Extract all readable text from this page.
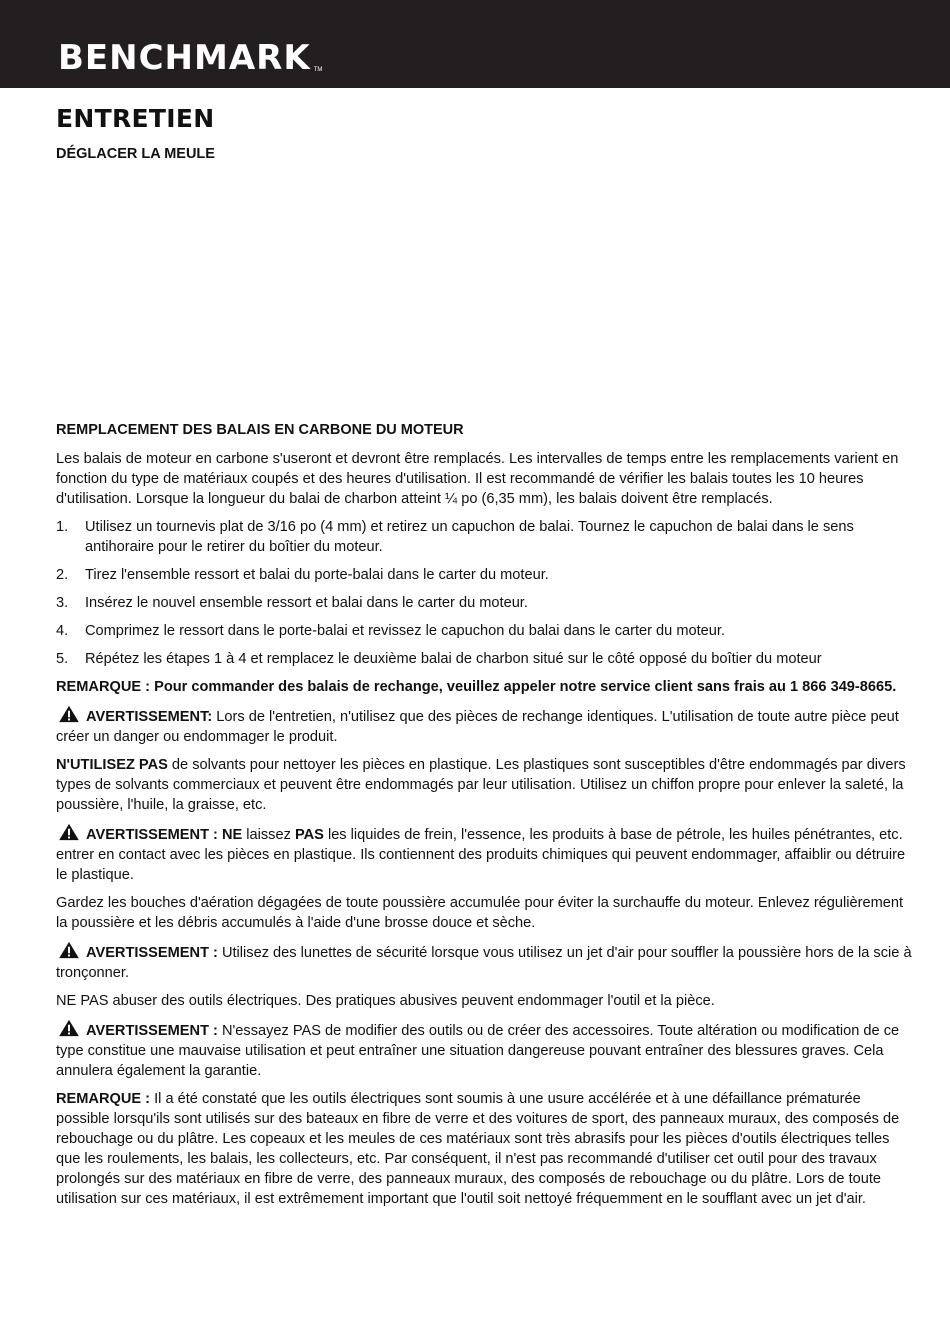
BENCHMARK TM
ENTRETIEN
DÉGLACER LA MEULE
REMPLACEMENT DES BALAIS EN CARBONE DU MOTEUR

Les balais de moteur en carbone s'useront et devront être remplacés. Les intervalles de temps entre les remplacements varient en fonction du type de matériaux coupés et des heures d'utilisation. Il est recommandé de vérifier les balais toutes les 10 heures d'utilisation. Lorsque la longueur du balai de charbon atteint ¼ po (6,35 mm), les balais doivent être remplacés.

1. Utilisez un tournevis plat de 3/16 po (4 mm) et retirez un capuchon de balai. Tournez le capuchon de balai dans le sens antihoraire pour le retirer du boîtier du moteur.
2. Tirez l'ensemble ressort et balai du porte-balai dans le carter du moteur.
3. Insérez le nouvel ensemble ressort et balai dans le carter du moteur.
4. Comprimez le ressort dans le porte-balai et revissez le capuchon du balai dans le carter du moteur.
5. Répétez les étapes 1 à 4 et remplacez le deuxième balai de charbon situé sur le côté opposé du boîtier du moteur

REMARQUE : Pour commander des balais de rechange, veuillez appeler notre service client sans frais au 1 866 349-8665.

AVERTISSEMENT: Lors de l'entretien, n'utilisez que des pièces de rechange identiques. L'utilisation de toute autre pièce peut créer un danger ou endommager le produit.

N'UTILISEZ PAS de solvants pour nettoyer les pièces en plastique. Les plastiques sont susceptibles d'être endommagés par divers types de solvants commerciaux et peuvent être endommagés par leur utilisation. Utilisez un chiffon propre pour enlever la saleté, la poussière, l'huile, la graisse, etc.

AVERTISSEMENT : NE laissez PAS les liquides de frein, l'essence, les produits à base de pétrole, les huiles pénétrantes, etc. entrer en contact avec les pièces en plastique. Ils contiennent des produits chimiques qui peuvent endommager, affaiblir ou détruire le plastique.

Gardez les bouches d'aération dégagées de toute poussière accumulée pour éviter la surchauffe du moteur. Enlevez régulièrement la poussière et les débris accumulés à l'aide d'une brosse douce et sèche.

AVERTISSEMENT : Utilisez des lunettes de sécurité lorsque vous utilisez un jet d'air pour souffler la poussière hors de la scie à tronçonner.

NE PAS abuser des outils électriques. Des pratiques abusives peuvent endommager l'outil et la pièce.

AVERTISSEMENT : N'essayez PAS de modifier des outils ou de créer des accessoires. Toute altération ou modification de ce type constitue une mauvaise utilisation et peut entraîner une situation dangereuse pouvant entraîner des blessures graves. Cela annulera également la garantie.

REMARQUE : Il a été constaté que les outils électriques sont soumis à une usure accélérée et à une défaillance prématurée possible lorsqu'ils sont utilisés sur des bateaux en fibre de verre et des voitures de sport, des panneaux muraux, des composés de rebouchage ou du plâtre. Les copeaux et les meules de ces matériaux sont très abrasifs pour les pièces d'outils électriques telles que les roulements, les balais, les collecteurs, etc. Par conséquent, il n'est pas recommandé d'utiliser cet outil pour des travaux prolongés sur des matériaux en fibre de verre, des panneaux muraux, des composés de rebouchage ou du plâtre. Lors de toute utilisation sur ces matériaux, il est extrêmement important que l'outil soit nettoyé fréquemment en le soufflant avec un jet d'air.
